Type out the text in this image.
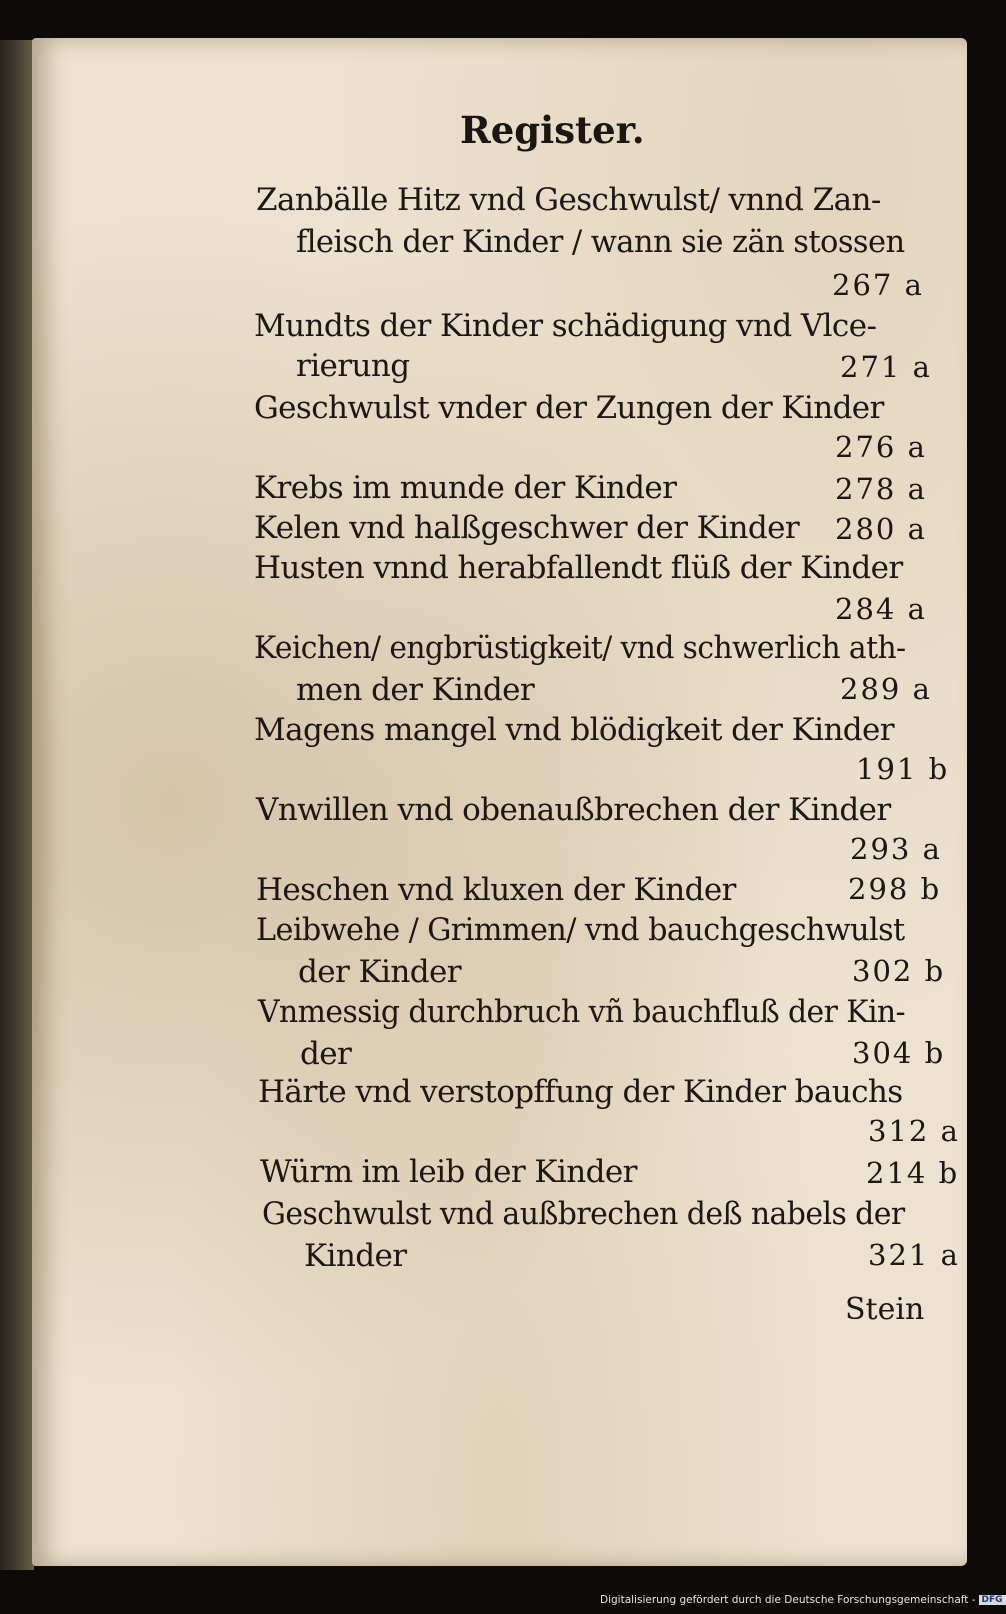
Register.
Zanbälle Hitz vnd Geschwulst/ vnnd Zan-
fleisch der Kinder / wann sie zän stossen
267 a
Mundts der Kinder schädigung vnd Vlce-
rierung	271 a
Geschwulst vnder der Zungen der Kinder
276 a
Krebs im munde der Kinder	278 a
Kelen vnd halßgeschwer der Kinder 280 a
Husten vnnd herabfallendt flüß der Kinder
284 a
Keichen/ engbrüstigkeit/ vnd schwerlich ath-
men der Kinder	289 a
Magens mangel vnd blödigkeit der Kinder
191 b
Vnwillen vnd obenaußbrechen der Kinder
293 a
Heschen vnd kluxen der Kinder	298 b
Leibwehe / Grimmen/ vnd bauchgeschwulst
der Kinder	302 b
Vnmessig durchbruch vñ bauchfluß der Kin-
der	304 b
Härte vnd verstopffung der Kinder bauchs
312 a
Würm im leib der Kinder	214 b
Geschwulst vnd außbrechen deß nabels der
Kinder	321 a
Stein
Digitalisierung gefördert durch die Deutsche Forschungsgemeinschaft - DFG
